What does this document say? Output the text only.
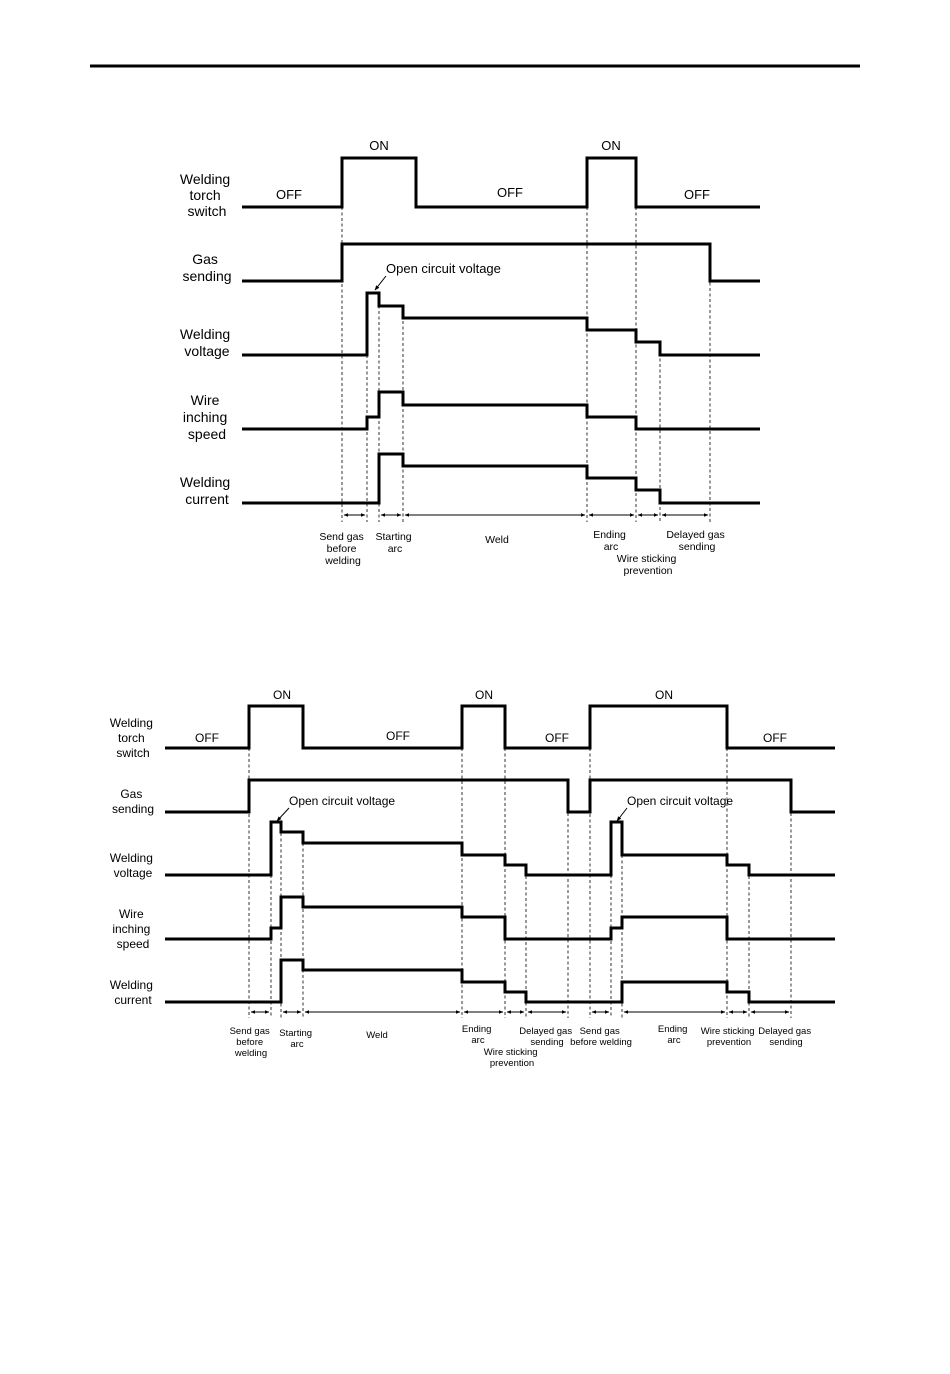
Welding torch switch
Gas sending
Welding voltage
Wire inching speed
Welding current
OFF
ON
OFF
ON
OFF
Open circuit voltage
Send gas before welding
Starting arc
Weld	Ending arc
Wire sticking prevention
Delayed gas sending
Welding torch switch
Gas sending
Welding voltage
Wire inching speed
Welding current
OFF
ON
OFF
ON
OFF
ON
OFF
Open circuit voltage	Open circuit voltage
Send gas before welding
Starting arc
Weld
Ending arc
Wire sticking prevention
Delayed gas sending
Send gas before welding
Ending arc
Wire sticking prevention
Delayed gas sending
